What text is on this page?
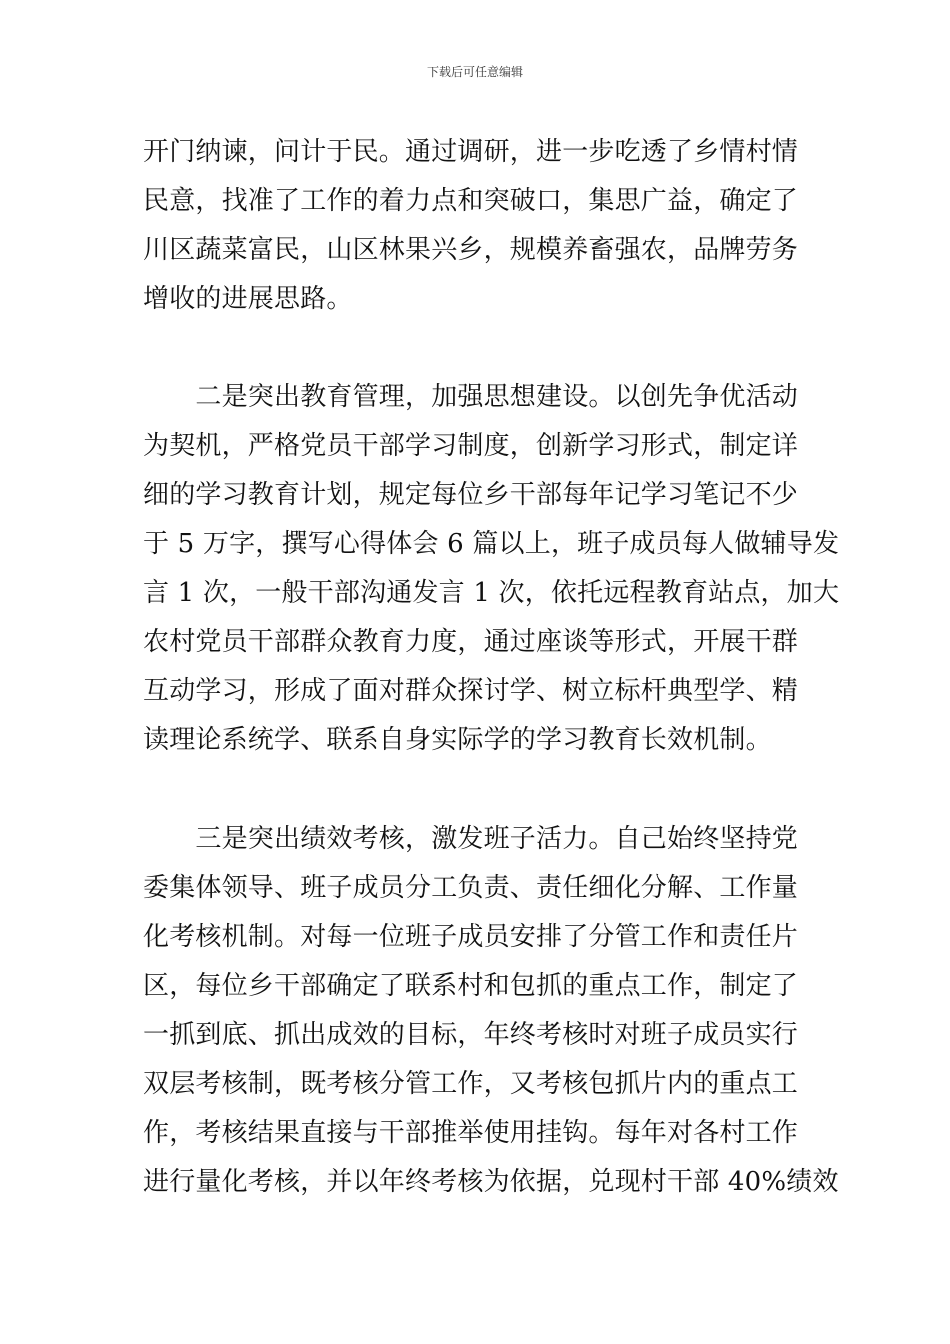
下载后可任意编辑
开门纳谏，问计于民。通过调研，进一步吃透了乡情村情
民意，找准了工作的着力点和突破口，集思广益，确定了
川区蔬菜富民，山区林果兴乡，规模养畜强农，品牌劳务
增收的进展思路。
　　二是突出教育管理，加强思想建设。以创先争优活动
为契机，严格党员干部学习制度，创新学习形式，制定详
细的学习教育计划，规定每位乡干部每年记学习笔记不少
于 5 万字，撰写心得体会 6 篇以上，班子成员每人做辅导发
言 1 次，一般干部沟通发言 1 次，依托远程教育站点，加大
农村党员干部群众教育力度，通过座谈等形式，开展干群
互动学习，形成了面对群众探讨学、树立标杆典型学、精
读理论系统学、联系自身实际学的学习教育长效机制。
　　三是突出绩效考核，激发班子活力。自己始终坚持党
委集体领导、班子成员分工负责、责任细化分解、工作量
化考核机制。对每一位班子成员安排了分管工作和责任片
区，每位乡干部确定了联系村和包抓的重点工作，制定了
一抓到底、抓出成效的目标，年终考核时对班子成员实行
双层考核制，既考核分管工作，又考核包抓片内的重点工
作，考核结果直接与干部推举使用挂钩。每年对各村工作
进行量化考核，并以年终考核为依据，兑现村干部 40%绩效
